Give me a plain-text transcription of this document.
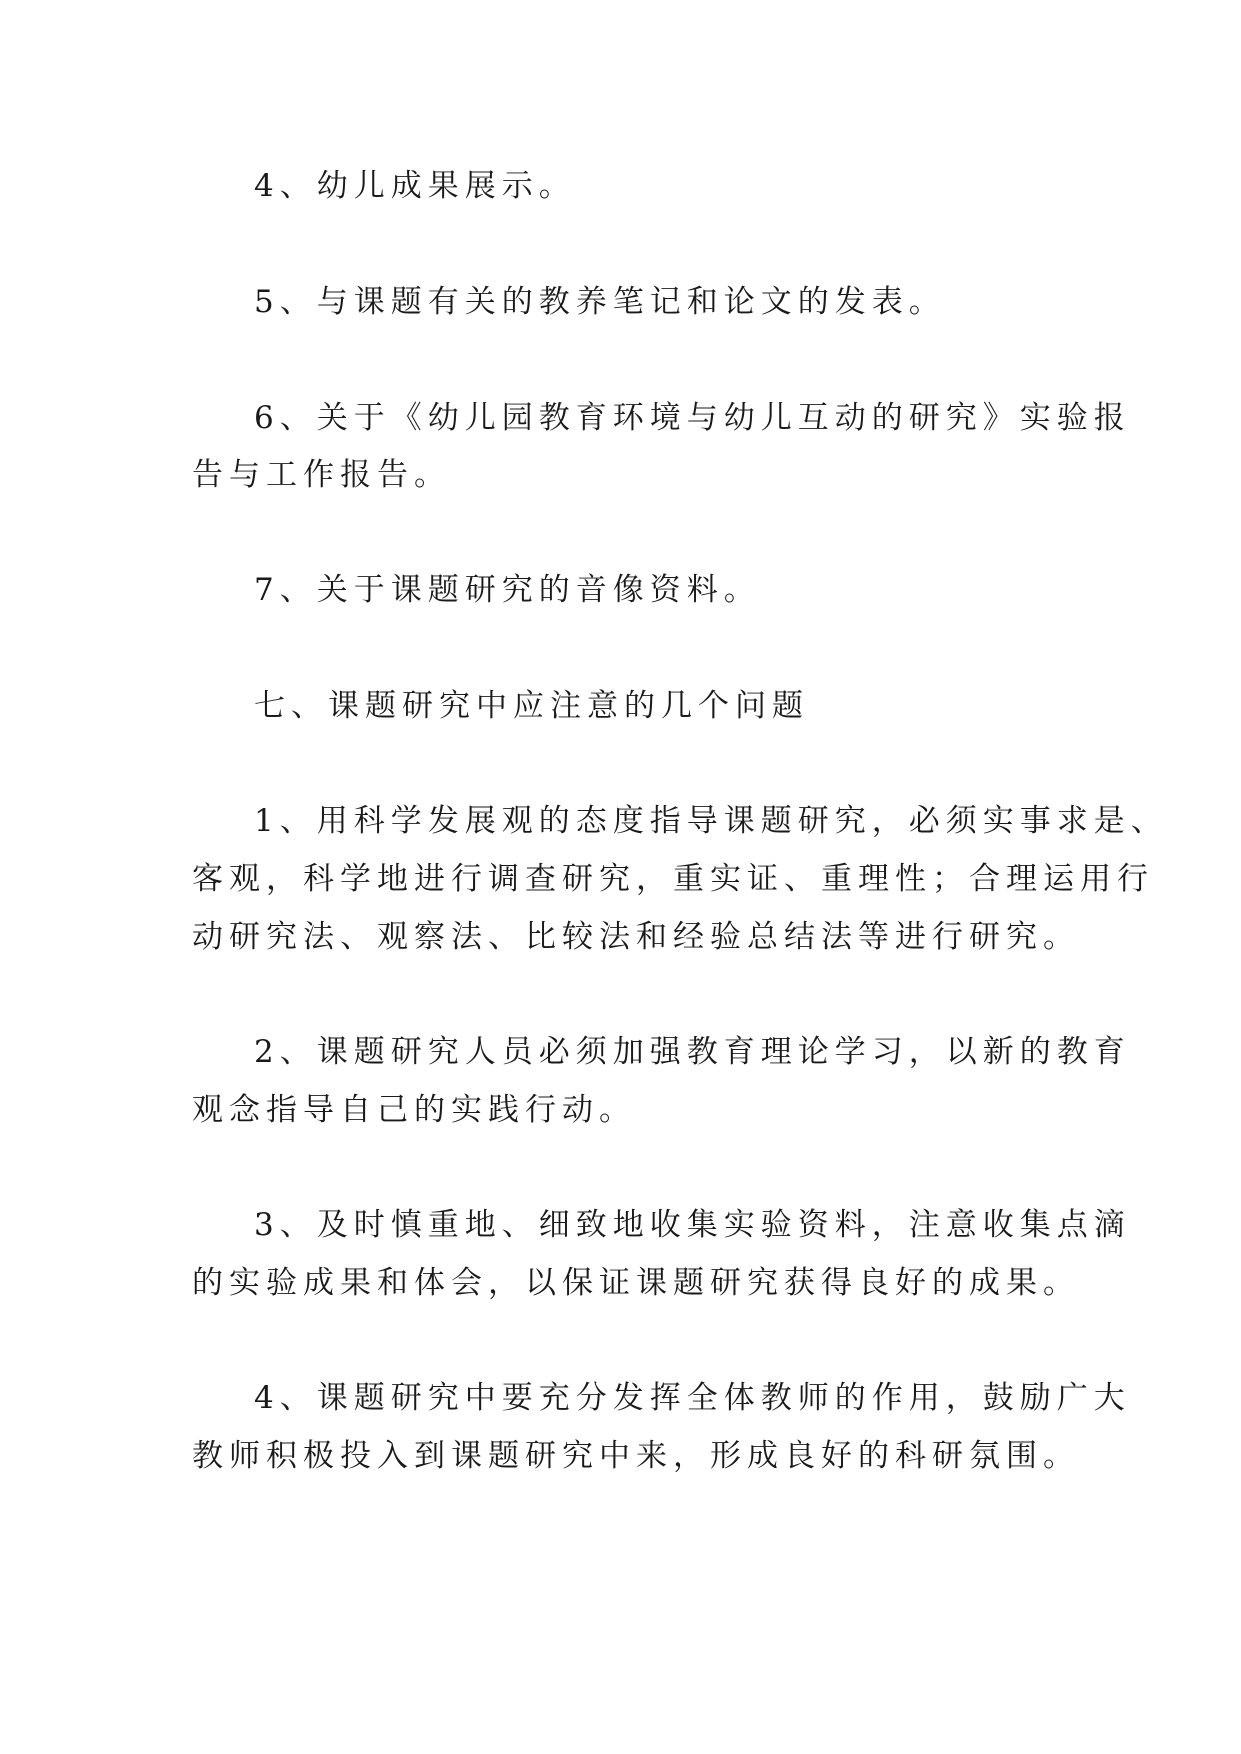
4、幼儿成果展示。
5、与课题有关的教养笔记和论文的发表。
6、关于《幼儿园教育环境与幼儿互动的研究》实验报
告与工作报告。
7、关于课题研究的音像资料。
七、课题研究中应注意的几个问题
1、用科学发展观的态度指导课题研究，必须实事求是、
客观，科学地进行调查研究，重实证、重理性；合理运用行
动研究法、观察法、比较法和经验总结法等进行研究。
2、课题研究人员必须加强教育理论学习，以新的教育
观念指导自己的实践行动。
3、及时慎重地、细致地收集实验资料，注意收集点滴
的实验成果和体会，以保证课题研究获得良好的成果。
4、课题研究中要充分发挥全体教师的作用，鼓励广大
教师积极投入到课题研究中来，形成良好的科研氛围。
